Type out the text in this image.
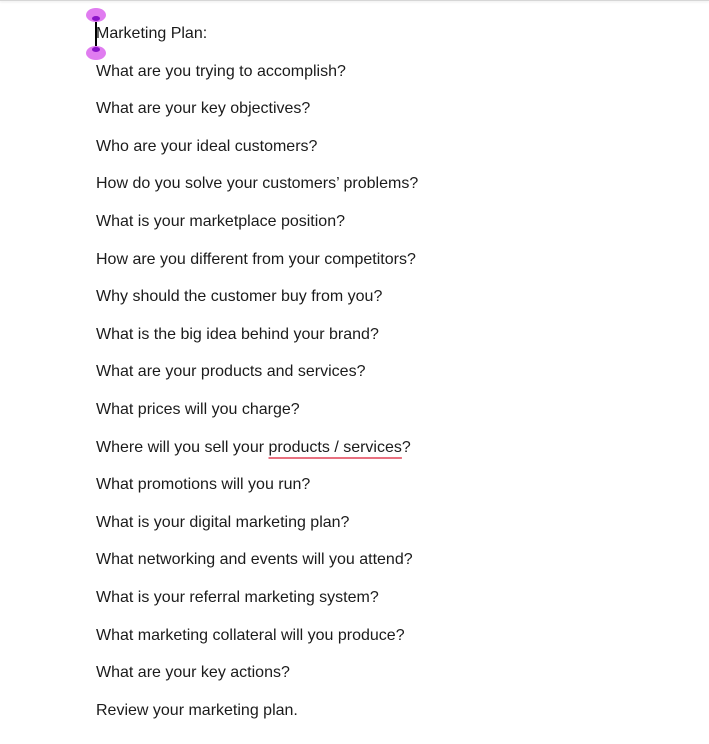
Marketing Plan:
What are you trying to accomplish?
What are your key objectives?
Who are your ideal customers?
How do you solve your customers’ problems?
What is your marketplace position?
How are you different from your competitors?
Why should the customer buy from you?
What is the big idea behind your brand?
What are your products and services?
What prices will you charge?
Where will you sell your products / services?
What promotions will you run?
What is your digital marketing plan?
What networking and events will you attend?
What is your referral marketing system?
What marketing collateral will you produce?
What are your key actions?
Review your marketing plan.
